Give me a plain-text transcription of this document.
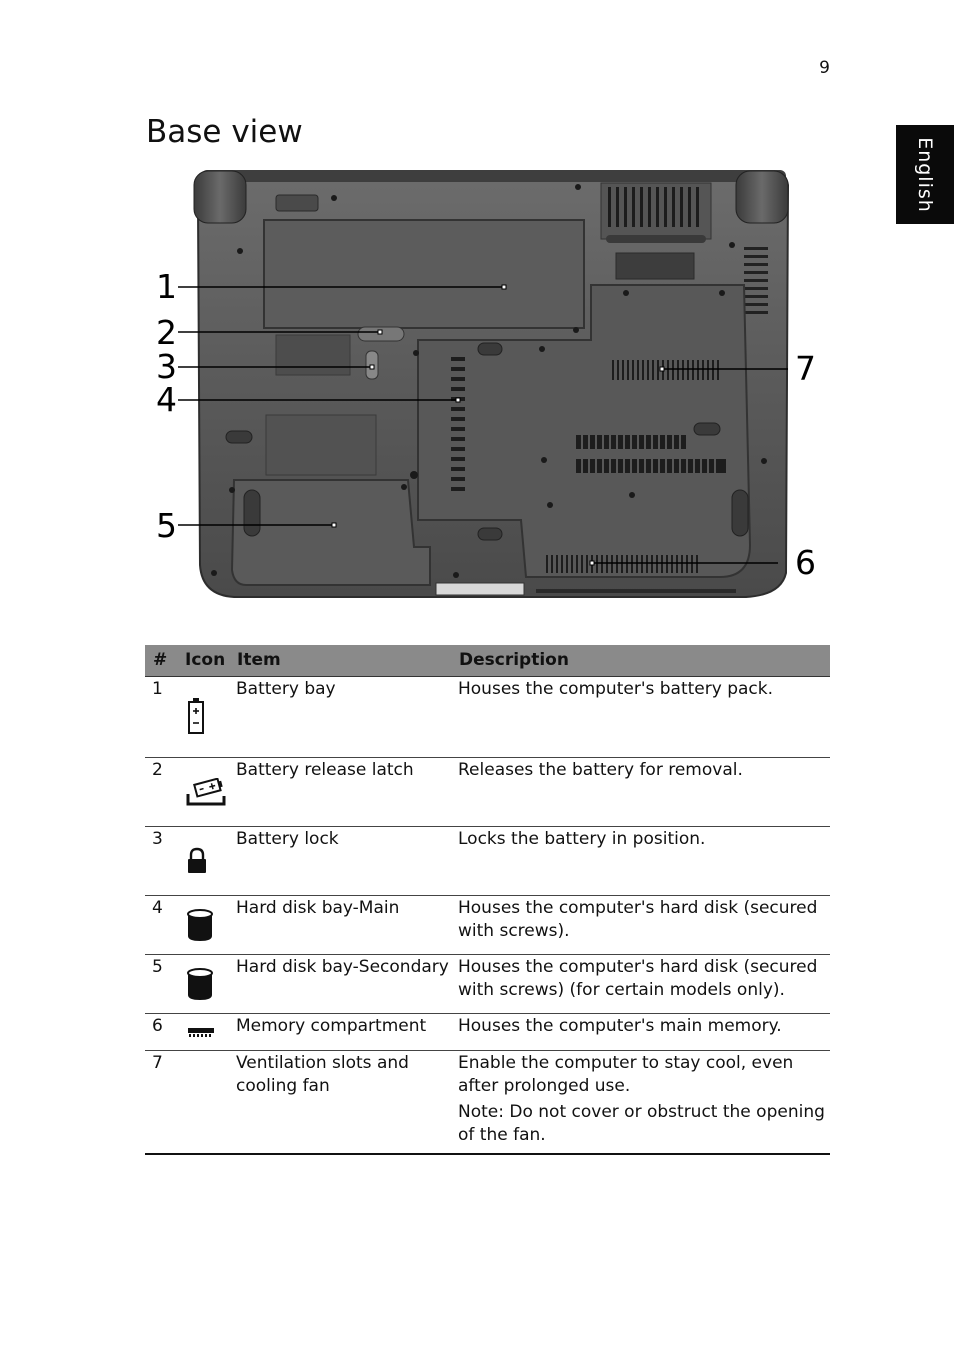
9
English
Base view
1
2
3
4
5
6
7
#	Icon	Item	Description

1		Battery bay	Houses the computer's battery pack.

2		Battery release latch	Releases the battery for removal.

3		Battery lock	Locks the battery in position.

4		Hard disk bay-Main	Houses the computer's hard disk (secured with screws).

5		Hard disk bay-Secondary	Houses the computer's hard disk (secured with screws) (for certain models only).

6		Memory compartment	Houses the computer's main memory.

7		Ventilation slots and cooling fan	Enable the computer to stay cool, even after prolonged use.
Note: Do not cover or obstruct the opening of the fan.
